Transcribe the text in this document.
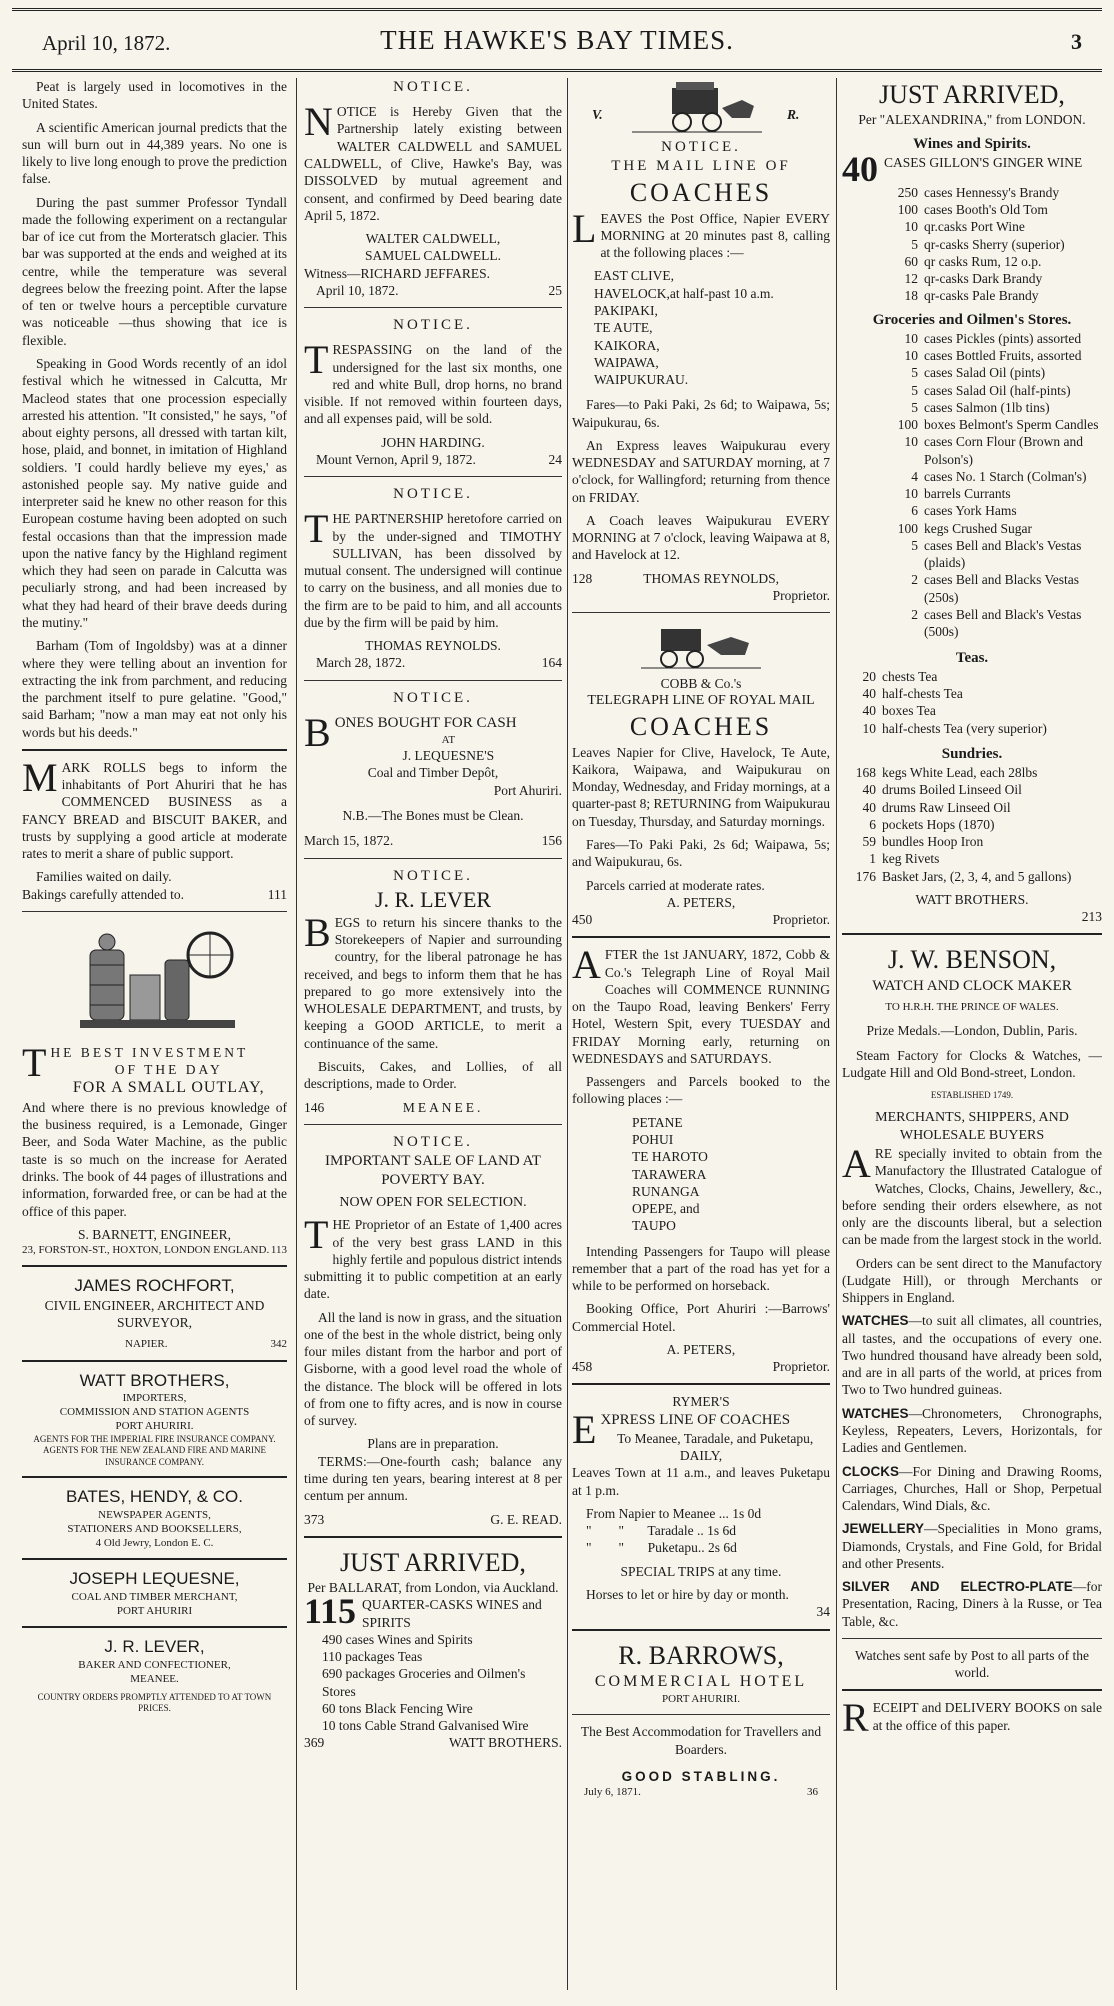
April 10, 1872.	THE HAWKE'S BAY TIMES.	3

Peat is largely used in locomotives in the United States.

A scientific American journal predicts that the sun will burn out in 44,389 years. No one is likely to live long enough to prove the prediction false.

During the past summer Professor Tyndall made the following experiment on a rectangular bar of ice cut from the Morteratsch glacier. This bar was supported at the ends and weighed at its centre, while the temperature was several degrees below the freezing point. After the lapse of ten or twelve hours a perceptible curvature was noticeable —thus showing that ice is flexible.

Speaking in Good Words recently of an idol festival which he witnessed in Calcutta, Mr Macleod states that one procession especially arrested his attention. "It consisted," he says, "of about eighty persons, all dressed with tartan kilt, hose, plaid, and bonnet, in imitation of Highland soldiers. 'I could hardly believe my eyes,' as astonished people say. My native guide and interpreter said he knew no other reason for this European costume having been adopted on such festal occasions than that the impression made upon the native fancy by the Highland regiment which they had seen on parade in Calcutta was peculiarly strong, and had been increased by what they had heard of their brave deeds during the mutiny."

Barham (Tom of Ingoldsby) was at a dinner where they were telling about an invention for extracting the ink from parchment, and reducing the parchment itself to pure gelatine. "Good," said Barham; "now a man may eat not only his words but his deeds."

MARK ROLLS begs to inform the inhabitants of Port Ahuriri that he has COMMENCED BUSINESS as a FANCY BREAD and BISCUIT BAKER, and trusts by supplying a good article at moderate rates to merit a share of public support.

Families waited on daily.
Bakings carefully attended to.	111
THE BEST INVESTMENT
OF THE DAY
FOR A SMALL OUTLAY,

And where there is no previous knowledge of the business required, is a Lemonade, Ginger Beer, and Soda Water Machine, as the public taste is so much on the increase for Aerated drinks. The book of 44 pages of illustrations and information, forwarded free, or can be had at the office of this paper.

S. BARNETT, ENGINEER,
23, FORSTON-ST., HOXTON, LONDON ENGLAND. 113
JAMES ROCHFORT,
CIVIL ENGINEER, ARCHITECT AND SURVEYOR,
NAPIER.	342
WATT BROTHERS,
IMPORTERS,
COMMISSION AND STATION AGENTS
PORT AHURIRI.
AGENTS FOR THE IMPERIAL FIRE INSURANCE COMPANY.
AGENTS FOR THE NEW ZEALAND FIRE AND MARINE INSURANCE COMPANY.
BATES, HENDY, & CO.
NEWSPAPER AGENTS,
STATIONERS AND BOOKSELLERS,
4 Old Jewry, London E. C.
JOSEPH LEQUESNE,
COAL AND TIMBER MERCHANT,
PORT AHURIRI
J. R. LEVER,
BAKER AND CONFECTIONER,
MEANEE.
COUNTRY ORDERS PROMPTLY ATTENDED TO AT TOWN PRICES.
NOTICE.

NOTICE is Hereby Given that the Partnership lately existing between WALTER CALDWELL and SAMUEL CALDWELL, of Clive, Hawke's Bay, was DISSOLVED by mutual agreement and consent, and confirmed by Deed bearing date April 5, 1872.

WALTER CALDWELL,
SAMUEL CALDWELL.
Witness—RICHARD JEFFARES.
April 10, 1872.	25
NOTICE.

TRESPASSING on the land of the undersigned for the last six months, one red and white Bull, drop horns, no brand visible. If not removed within fourteen days, and all expenses paid, will be sold.

JOHN HARDING.
Mount Vernon, April 9, 1872.	24
NOTICE.

THE PARTNERSHIP heretofore carried on by the under-signed and TIMOTHY SULLIVAN, has been dissolved by mutual consent. The undersigned will continue to carry on the business, and all monies due to the firm are to be paid to him, and all accounts due by the firm will be paid by him.

THOMAS REYNOLDS.
March 28, 1872.	164
NOTICE.
BONES BOUGHT FOR CASH
AT
J. LEQUESNE'S
Coal and Timber Depôt,
Port Ahuriri.
N.B.—The Bones must be Clean.
March 15, 1872.	156
NOTICE.
J. R. LEVER

BEGS to return his sincere thanks to the Storekeepers of Napier and surrounding country, for the liberal patronage he has received, and begs to inform them that he has prepared to go more extensively into the WHOLESALE DEPARTMENT, and trusts, by keeping a GOOD ARTICLE, to merit a continuance of the same.

Biscuits, Cakes, and Lollies, of all descriptions, made to Order.

146	MEANEE.
NOTICE.
IMPORTANT SALE OF LAND AT POVERTY BAY.
NOW OPEN FOR SELECTION.

THE Proprietor of an Estate of 1,400 acres of the very best grass LAND in this highly fertile and populous district intends submitting it to public competition at an early date.

All the land is now in grass, and the situation one of the best in the whole district, being only four miles distant from the harbor and port of Gisborne, with a good level road the whole of the distance. The block will be offered in lots of from one to fifty acres, and is now in course of survey.

Plans are in preparation.

TERMS:—One-fourth cash; balance any time during ten years, bearing interest at 8 per centum per annum.

373	G. E. READ.
JUST ARRIVED,
Per BALLARAT, from London, via Auckland.
115 QUARTER-CASKS WINES and SPIRITS
490 cases Wines and Spirits
110 packages Teas
690 packages Groceries and Oilmen's Stores
60 tons Black Fencing Wire
10 tons Cable Strand Galvanised Wire
369	WATT BROTHERS.
V.	R.
NOTICE.
THE MAIL LINE OF
COACHES

LEAVES the Post Office, Napier EVERY MORNING at 20 minutes past 8, calling at the following places :—

EAST CLIVE,
HAVELOCK,at half-past 10 a.m.
PAKIPAKI,
TE AUTE,
KAIKORA,
WAIPAWA,
WAIPUKURAU.

Fares—to Paki Paki, 2s 6d; to Waipawa, 5s; Waipukurau, 6s.

An Express leaves Waipukurau every WEDNESDAY and SATURDAY morning, at 7 o'clock, for Wallingford; returning from thence on FRIDAY.

A Coach leaves Waipukurau EVERY MORNING at 7 o'clock, leaving Waipawa at 8, and Havelock at 12.

128	THOMAS REYNOLDS,
Proprietor.
COBB & Co.'s
TELEGRAPH LINE OF ROYAL MAIL
COACHES

Leaves Napier for Clive, Havelock, Te Aute, Kaikora, Waipawa, and Waipukurau on Monday, Wednesday, and Friday mornings, at a quarter-past 8; RETURNING from Waipukurau on Tuesday, Thursday, and Saturday mornings.

Fares—To Paki Paki, 2s 6d; Waipawa, 5s; and Waipukurau, 6s.

Parcels carried at moderate rates.
A. PETERS,
450	Proprietor.

AFTER the 1st JANUARY, 1872, Cobb & Co.'s Telegraph Line of Royal Mail Coaches will COMMENCE RUNNING on the Taupo Road, leaving Benkers' Ferry Hotel, Western Spit, every TUESDAY and FRIDAY Morning early, returning on WEDNESDAYS and SATURDAYS.

Passengers and Parcels booked to the following places :—

PETANE
POHUI
TE HAROTO
TARAWERA
RUNANGA
OPEPE, and
TAUPO

Intending Passengers for Taupo will please remember that a part of the road has yet for a while to be performed on horseback.

Booking Office, Port Ahuriri :—Barrows' Commercial Hotel.

A. PETERS,
458	Proprietor.
RYMER'S
EXPRESS LINE OF COACHES
To Meanee, Taradale, and Puketapu, DAILY,

Leaves Town at 11 a.m., and leaves Puketapu at 1 p.m.

From Napier to Meanee ... 1s 0d
"        "       Taradale .. 1s 6d
"        "       Puketapu.. 2s 6d
SPECIAL TRIPS at any time.
Horses to let or hire by day or month.
34
R. BARROWS,
COMMERCIAL HOTEL
PORT AHURIRI.

The Best Accommodation for Travellers and Boarders.

GOOD STABLING.
July 6, 1871.	36
JUST ARRIVED,
Per "ALEXANDRINA," from LONDON.
Wines and Spirits.
40 CASES GILLON'S GINGER WINE
250 cases Hennessy's Brandy
100 cases Booth's Old Tom
10 qr.casks Port Wine
5 qr-casks Sherry (superior)
60 qr casks Rum, 12 o.p.
12 qr-casks Dark Brandy
18 qr-casks Pale Brandy
Groceries and Oilmen's Stores.
10 cases Pickles (pints) assorted
10 cases Bottled Fruits, assorted
5 cases Salad Oil (pints)
5 cases Salad Oil (half-pints)
5 cases Salmon (1lb tins)
100 boxes Belmont's Sperm Candles
10 cases Corn Flour (Brown and Polson's)
4 cases No. 1 Starch (Colman's)
10 barrels Currants
6 cases York Hams
100 kegs Crushed Sugar
5 cases Bell and Black's Vestas (plaids)
2 cases Bell and Blacks Vestas (250s)
2 cases Bell and Black's Vestas (500s)
Teas.
20 chests Tea
40 half-chests Tea
40 boxes Tea
10 half-chests Tea (very superior)
Sundries.
168 kegs White Lead, each 28lbs
40 drums Boiled Linseed Oil
40 drums Raw Linseed Oil
6 pockets Hops (1870)
59 bundles Hoop Iron
1 keg Rivets
176 Basket Jars, (2, 3, 4, and 5 gallons)
WATT BROTHERS.
213
J. W. BENSON,
WATCH AND CLOCK MAKER
TO H.R.H. THE PRINCE OF WALES.
Prize Medals.—London, Dublin, Paris.

Steam Factory for Clocks & Watches, —Ludgate Hill and Old Bond-street, London.

ESTABLISHED 1749.
MERCHANTS, SHIPPERS, AND WHOLESALE BUYERS

ARE specially invited to obtain from the Manufactory the Illustrated Catalogue of Watches, Clocks, Chains, Jewellery, &c., before sending their orders elsewhere, as not only are the discounts liberal, but a selection can be made from the largest stock in the world.

Orders can be sent direct to the Manufactory (Ludgate Hill), or through Merchants or Shippers in England.

WATCHES—to suit all climates, all countries, all tastes, and the occupations of every one. Two hundred thousand have already been sold, and are in all parts of the world, at prices from Two to Two hundred guineas.

WATCHES—Chronometers, Chronographs, Keyless, Repeaters, Levers, Horizontals, for Ladies and Gentlemen.

CLOCKS—For Dining and Drawing Rooms, Carriages, Churches, Hall or Shop, Perpetual Calendars, Wind Dials, &c.

JEWELLERY—Specialities in Mono grams, Diamonds, Crystals, and Fine Gold, for Bridal and other Presents.

SILVER AND ELECTRO-PLATE—for Presentation, Racing, Diners à la Russe, or Tea Table, &c.

Watches sent safe by Post to all parts of the world.

RECEIPT and DELIVERY BOOKS on sale at the office of this paper.
